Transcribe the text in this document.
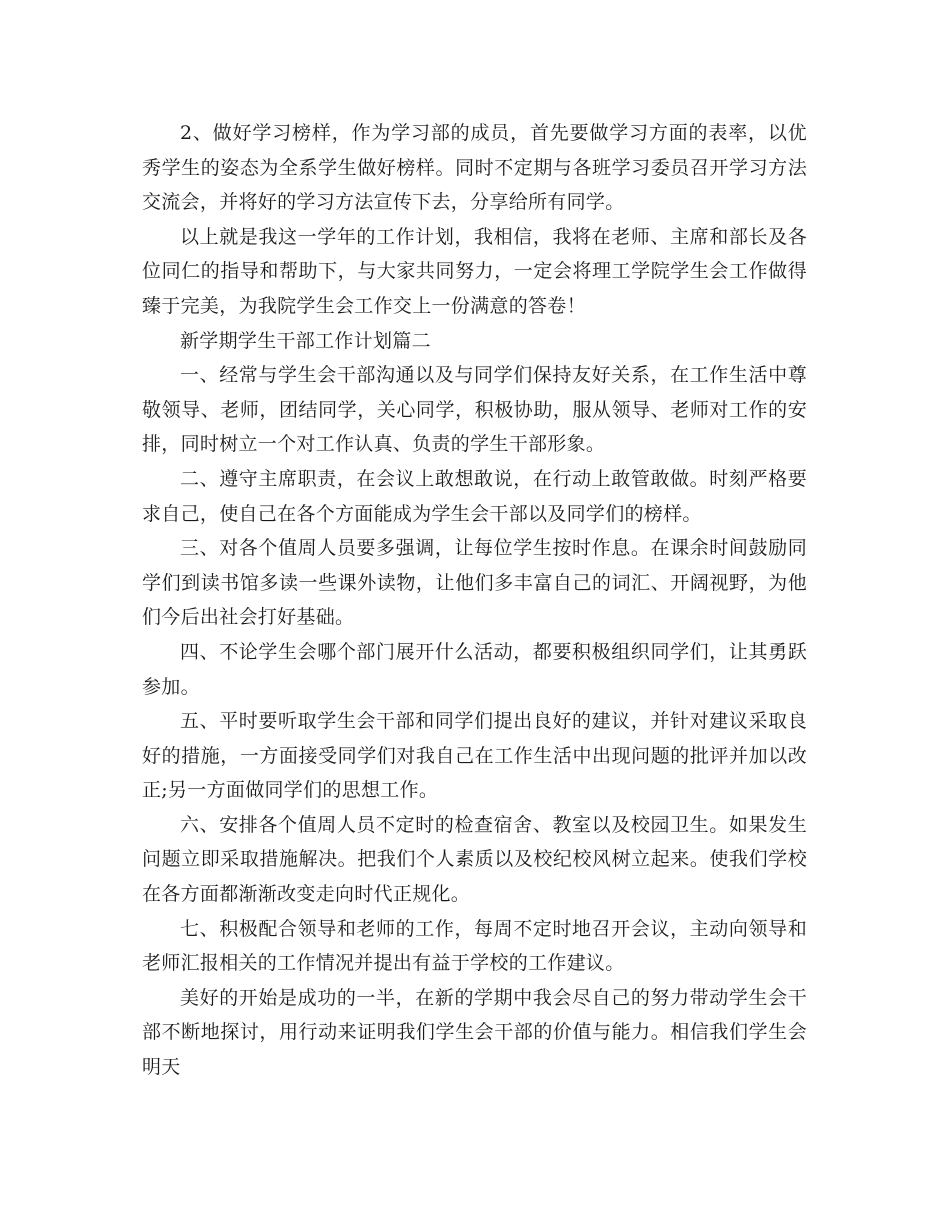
2、做好学习榜样，作为学习部的成员，首先要做学习方面的表率，以优秀学生的姿态为全系学生做好榜样。同时不定期与各班学习委员召开学习方法交流会，并将好的学习方法宣传下去，分享给所有同学。

以上就是我这一学年的工作计划，我相信，我将在老师、主席和部长及各位同仁的指导和帮助下，与大家共同努力，一定会将理工学院学生会工作做得臻于完美，为我院学生会工作交上一份满意的答卷！

新学期学生干部工作计划篇二

一、经常与学生会干部沟通以及与同学们保持友好关系，在工作生活中尊敬领导、老师，团结同学，关心同学，积极协助，服从领导、老师对工作的安排，同时树立一个对工作认真、负责的学生干部形象。

二、遵守主席职责，在会议上敢想敢说，在行动上敢管敢做。时刻严格要求自己，使自己在各个方面能成为学生会干部以及同学们的榜样。

三、对各个值周人员要多强调，让每位学生按时作息。在课余时间鼓励同学们到读书馆多读一些课外读物，让他们多丰富自己的词汇、开阔视野，为他们今后出社会打好基础。

四、不论学生会哪个部门展开什么活动，都要积极组织同学们，让其勇跃参加。

五、平时要听取学生会干部和同学们提出良好的建议，并针对建议采取良好的措施，一方面接受同学们对我自己在工作生活中出现问题的批评并加以改正;另一方面做同学们的思想工作。

六、安排各个值周人员不定时的检查宿舍、教室以及校园卫生。如果发生问题立即采取措施解决。把我们个人素质以及校纪校风树立起来。使我们学校在各方面都渐渐改变走向时代正规化。

七、积极配合领导和老师的工作，每周不定时地召开会议，主动向领导和老师汇报相关的工作情况并提出有益于学校的工作建议。

美好的开始是成功的一半，在新的学期中我会尽自己的努力带动学生会干部不断地探讨，用行动来证明我们学生会干部的价值与能力。相信我们学生会明天
